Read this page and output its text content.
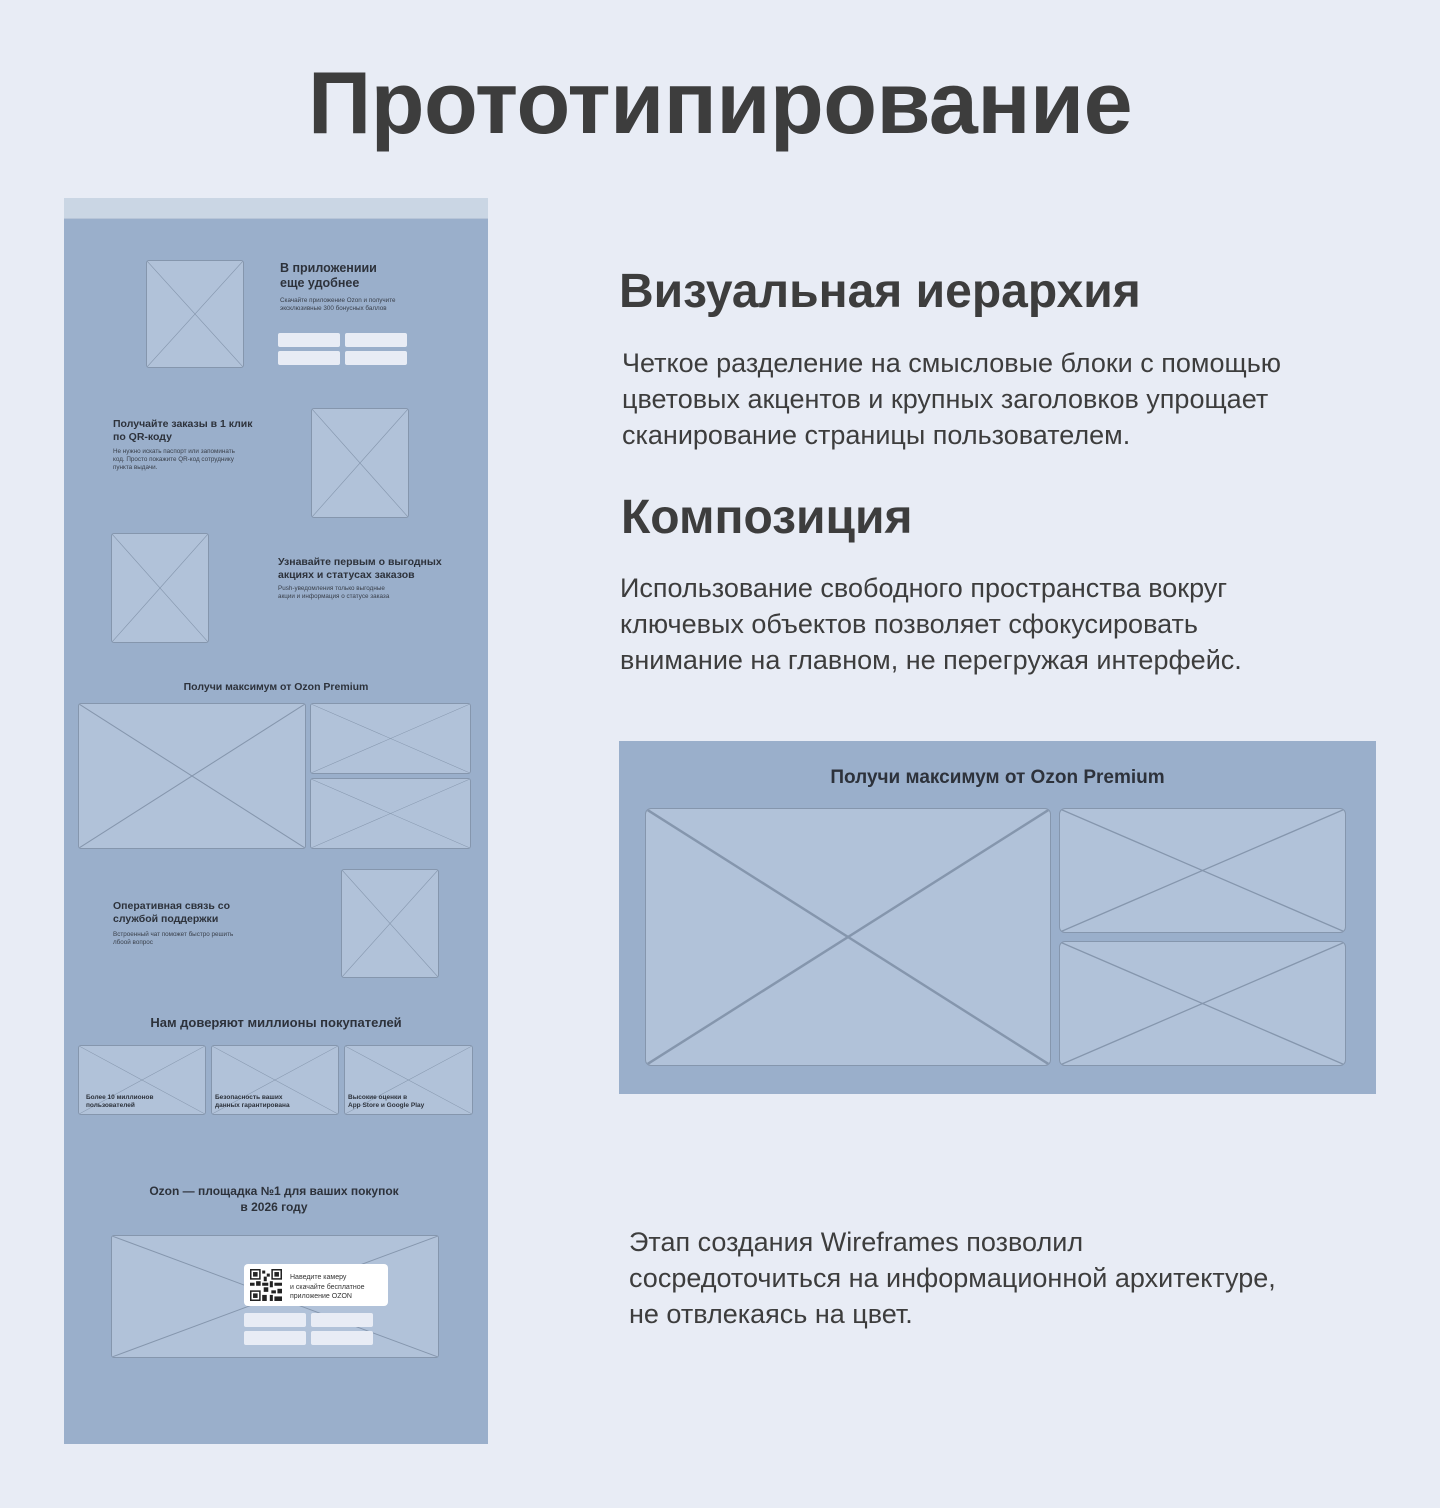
Прототипирование
В приложениии
еще удобнее
Скачайте приложение Ozon и получите
эксклюзивные 300 бонусных баллов
Получайте заказы в 1 клик
по QR-коду
Не нужно искать паспорт или запоминать
код. Просто покажите QR-код сотруднику
пункта выдачи.
Узнавайте первым о выгодных
акциях и статусах заказов
Push-уведомления только выгодные
акции и информация о статусе заказа
Получи максимум от Ozon Premium
Оперативная связь со
службой поддержки
Встроенный чат поможет быстро решить
лбоой вопрос
Нам доверяют миллионы покупателей
Более 10 миллионов
пользователей
Безопасность ваших
данных гарантирована
Высокие оценки в
App Store и Google Play
Ozon — площадка №1 для ваших покупок
в 2026 году
Наведите камеру
и скачайте бесплатное
приложение OZON
Визуальная иерархия
Четкое разделение на смысловые блоки с помощью
цветовых акцентов и крупных заголовков упрощает
сканирование страницы пользователем.
Композиция
Использование свободного пространства вокруг
ключевых объектов позволяет сфокусировать
внимание на главном, не перегружая интерфейс.
Получи максимум от Ozon Premium
Этап создания Wireframes позволил
сосредоточиться на информационной архитектуре,
не отвлекаясь на цвет.
